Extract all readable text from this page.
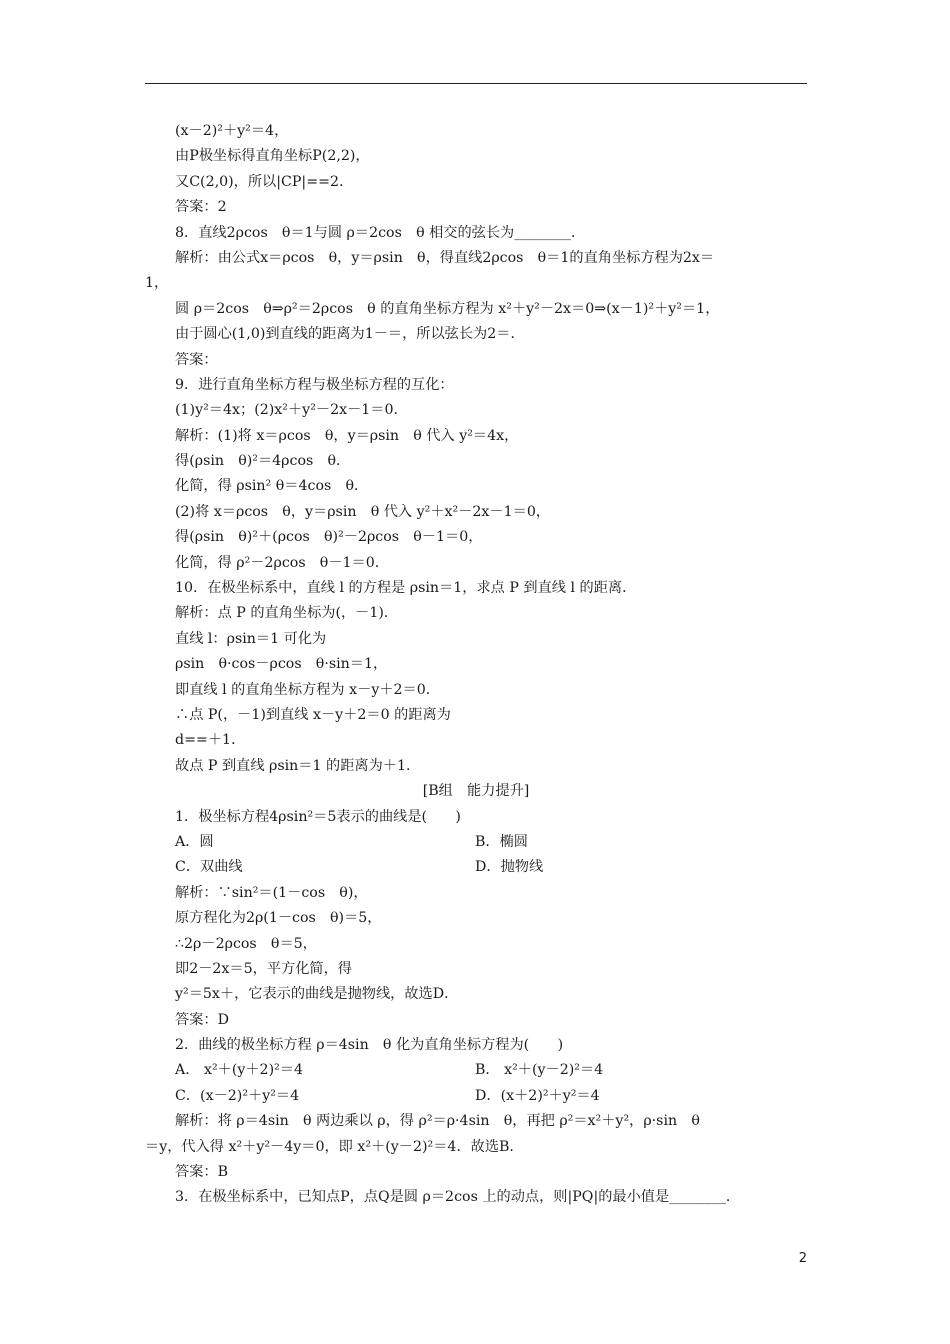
(x－2)²＋y²＝4，
由P极坐标得直角坐标P(2,2)，
又C(2,0)，所以|CP|==2.
答案：2
8．直线2ρcos　θ＝1与圆 ρ＝2cos　θ 相交的弦长为________．
解析：由公式x＝ρcos　θ，y＝ρsin　θ，得直线2ρcos　θ＝1的直角坐标方程为2x＝
1，
圆 ρ＝2cos　θ⇒ρ²＝2ρcos　θ 的直角坐标方程为 x²＋y²－2x＝0⇒(x－1)²＋y²＝1，
由于圆心(1,0)到直线的距离为1－＝，所以弦长为2＝．
答案：
9．进行直角坐标方程与极坐标方程的互化：
(1)y²＝4x；(2)x²＋y²－2x－1＝0．
解析：(1)将 x＝ρcos　θ，y＝ρsin　θ 代入 y²＝4x，
得(ρsin　θ)²＝4ρcos　θ．
化简，得 ρsin² θ＝4cos　θ．
(2)将 x＝ρcos　θ，y＝ρsin　θ 代入 y²＋x²－2x－1＝0，
得(ρsin　θ)²＋(ρcos　θ)²－2ρcos　θ－1＝0，
化简，得 ρ²－2ρcos　θ－1＝0．
10．在极坐标系中，直线 l 的方程是 ρsin＝1，求点 P 到直线 l 的距离．
解析：点 P 的直角坐标为(，－1)．
直线 l：ρsin＝1 可化为
ρsin　θ·cos－ρcos　θ·sin＝1，
即直线 l 的直角坐标方程为 x－y＋2＝0．
∴点 P(，－1)到直线 x－y＋2＝0 的距离为
d==＋1．
故点 P 到直线 ρsin＝1 的距离为＋1．
[B组　能力提升]
1．极坐标方程4ρsin²＝5表示的曲线是(　　)
A．圆	B．椭圆
C．双曲线	D．抛物线
解析：∵sin²＝(1－cos　θ)，
原方程化为2ρ(1－cos　θ)＝5，
∴2ρ－2ρcos　θ＝5，
即2－2x＝5，平方化简，得
y²＝5x＋，它表示的曲线是抛物线，故选D．
答案：D
2．曲线的极坐标方程 ρ＝4sin　θ 化为直角坐标方程为(　　)
A． x²＋(y＋2)²＝4	B． x²＋(y－2)²＝4
C．(x－2)²＋y²＝4	D．(x＋2)²＋y²＝4
解析：将 ρ＝4sin　θ 两边乘以 ρ，得 ρ²＝ρ·4sin　θ，再把 ρ²＝x²＋y²，ρ·sin　θ
＝y，代入得 x²＋y²－4y＝0，即 x²＋(y－2)²＝4．故选B．
答案：B
3．在极坐标系中，已知点P，点Q是圆 ρ＝2cos 上的动点，则|PQ|的最小值是________．
2
